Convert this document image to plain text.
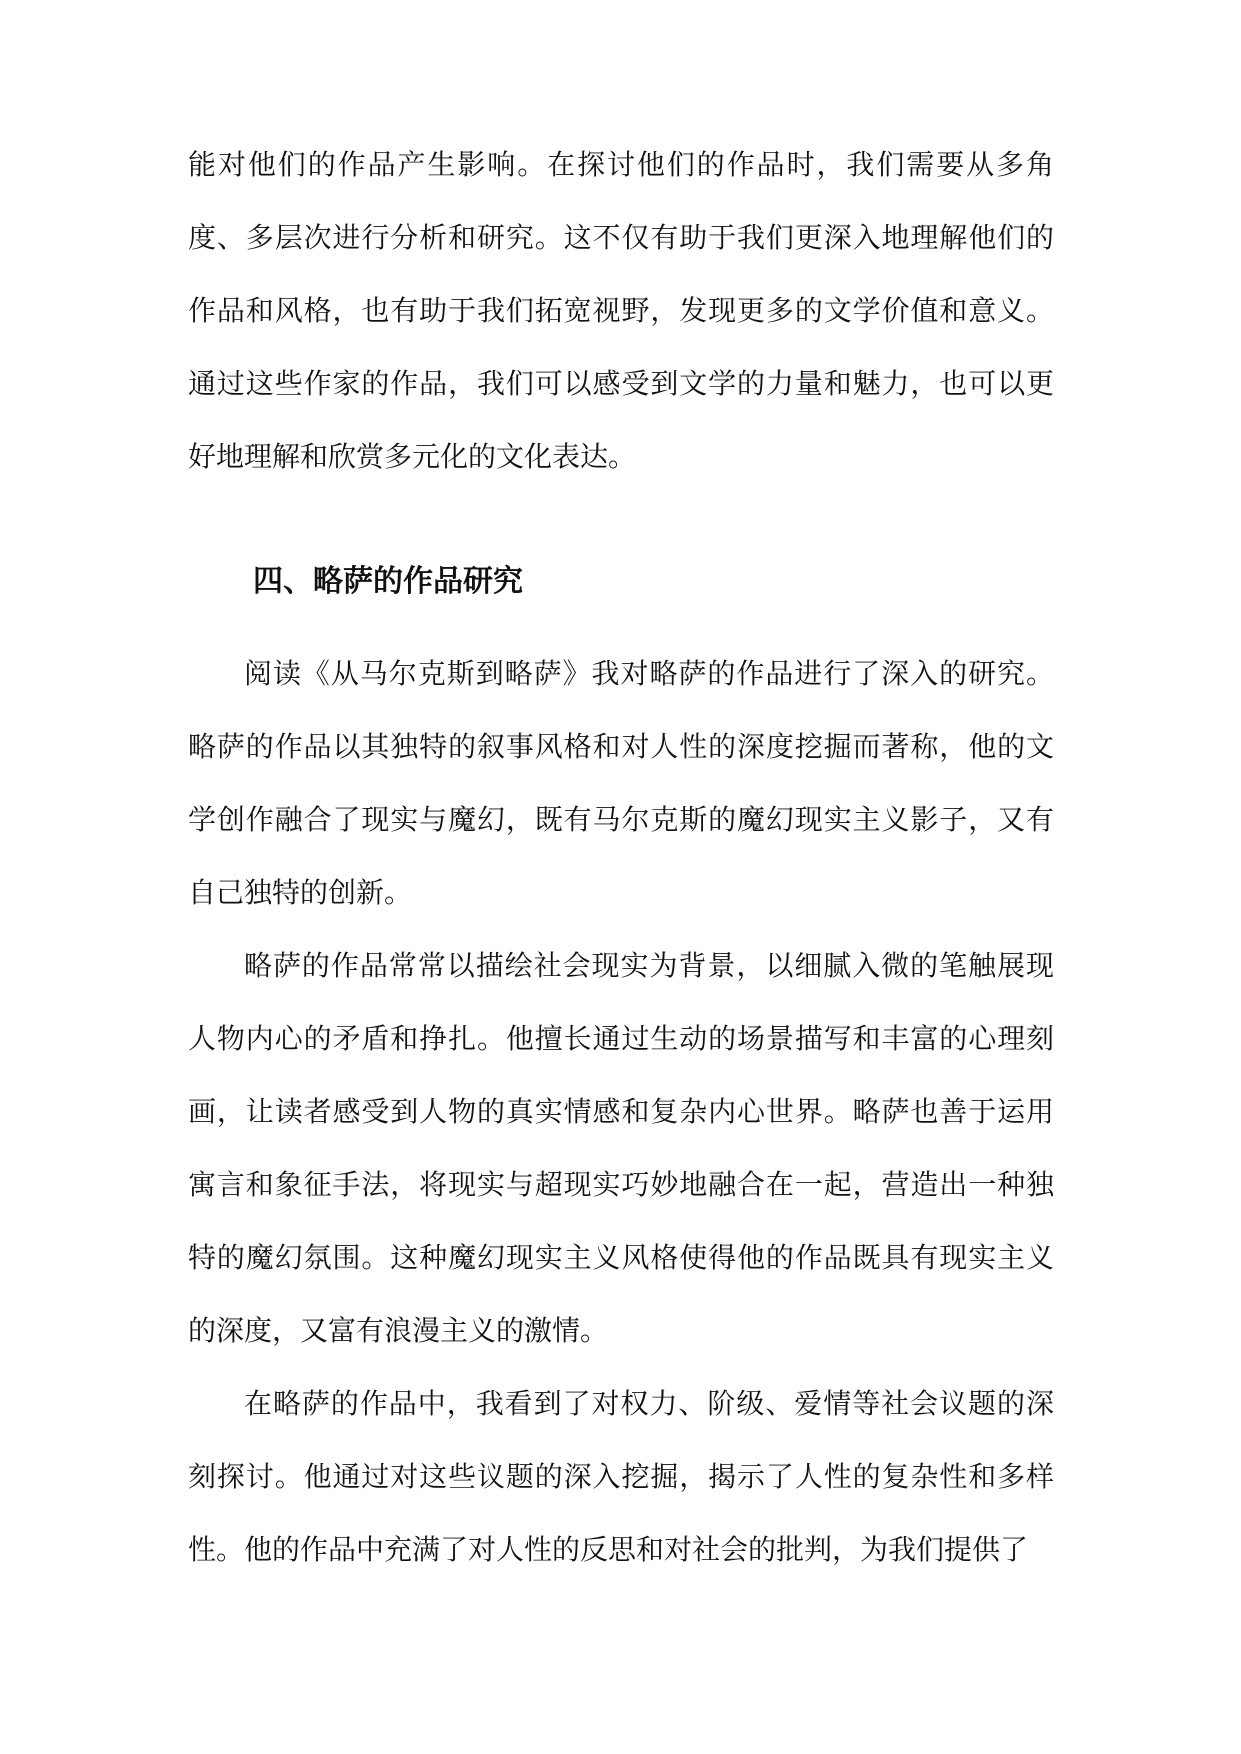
能对他们的作品产生影响。在探讨他们的作品时，我们需要从多角度、多层次进行分析和研究。这不仅有助于我们更深入地理解他们的作品和风格，也有助于我们拓宽视野，发现更多的文学价值和意义。通过这些作家的作品，我们可以感受到文学的力量和魅力，也可以更好地理解和欣赏多元化的文化表达。

四、略萨的作品研究

阅读《从马尔克斯到略萨》我对略萨的作品进行了深入的研究。略萨的作品以其独特的叙事风格和对人性的深度挖掘而著称，他的文学创作融合了现实与魔幻，既有马尔克斯的魔幻现实主义影子，又有自己独特的创新。

略萨的作品常常以描绘社会现实为背景，以细腻入微的笔触展现人物内心的矛盾和挣扎。他擅长通过生动的场景描写和丰富的心理刻画，让读者感受到人物的真实情感和复杂内心世界。略萨也善于运用寓言和象征手法，将现实与超现实巧妙地融合在一起，营造出一种独特的魔幻氛围。这种魔幻现实主义风格使得他的作品既具有现实主义的深度，又富有浪漫主义的激情。

在略萨的作品中，我看到了对权力、阶级、爱情等社会议题的深刻探讨。他通过对这些议题的深入挖掘，揭示了人性的复杂性和多样性。他的作品中充满了对人性的反思和对社会的批判，为我们提供了
